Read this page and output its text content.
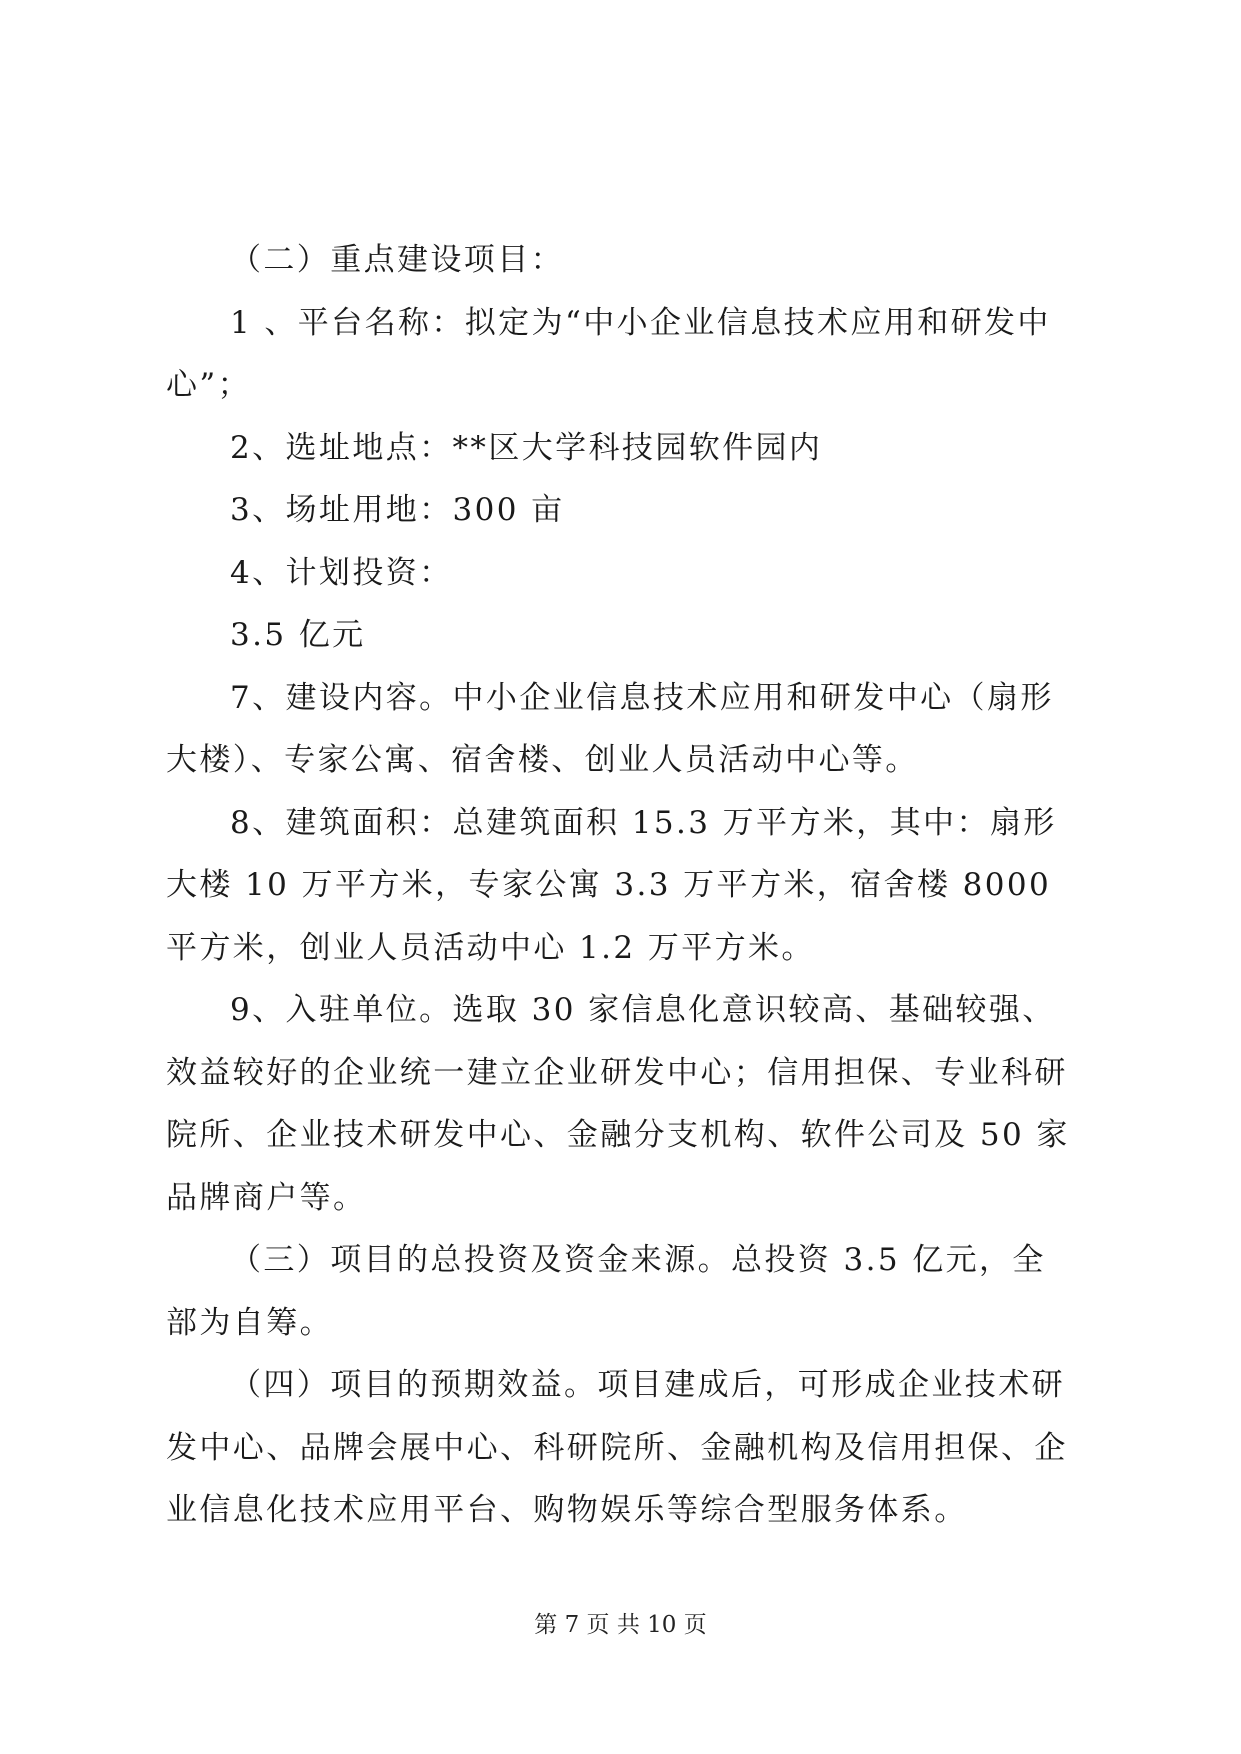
（二）重点建设项目：

1 、平台名称：拟定为“中小企业信息技术应用和研发中心”；

2、选址地点：**区大学科技园软件园内

3、场址用地：300 亩

4、计划投资：

3.5 亿元

7、建设内容。中小企业信息技术应用和研发中心（扇形大楼）、专家公寓、宿舍楼、创业人员活动中心等。

8、建筑面积：总建筑面积 15.3 万平方米，其中：扇形大楼 10 万平方米，专家公寓 3.3 万平方米，宿舍楼 8000 平方米，创业人员活动中心 1.2 万平方米。

9、入驻单位。选取 30 家信息化意识较高、基础较强、效益较好的企业统一建立企业研发中心；信用担保、专业科研院所、企业技术研发中心、金融分支机构、软件公司及 50 家品牌商户等。

（三）项目的总投资及资金来源。总投资 3.5 亿元，全部为自筹。

（四）项目的预期效益。项目建成后，可形成企业技术研发中心、品牌会展中心、科研院所、金融机构及信用担保、企业信息化技术应用平台、购物娱乐等综合型服务体系。

第 7 页 共 10 页
